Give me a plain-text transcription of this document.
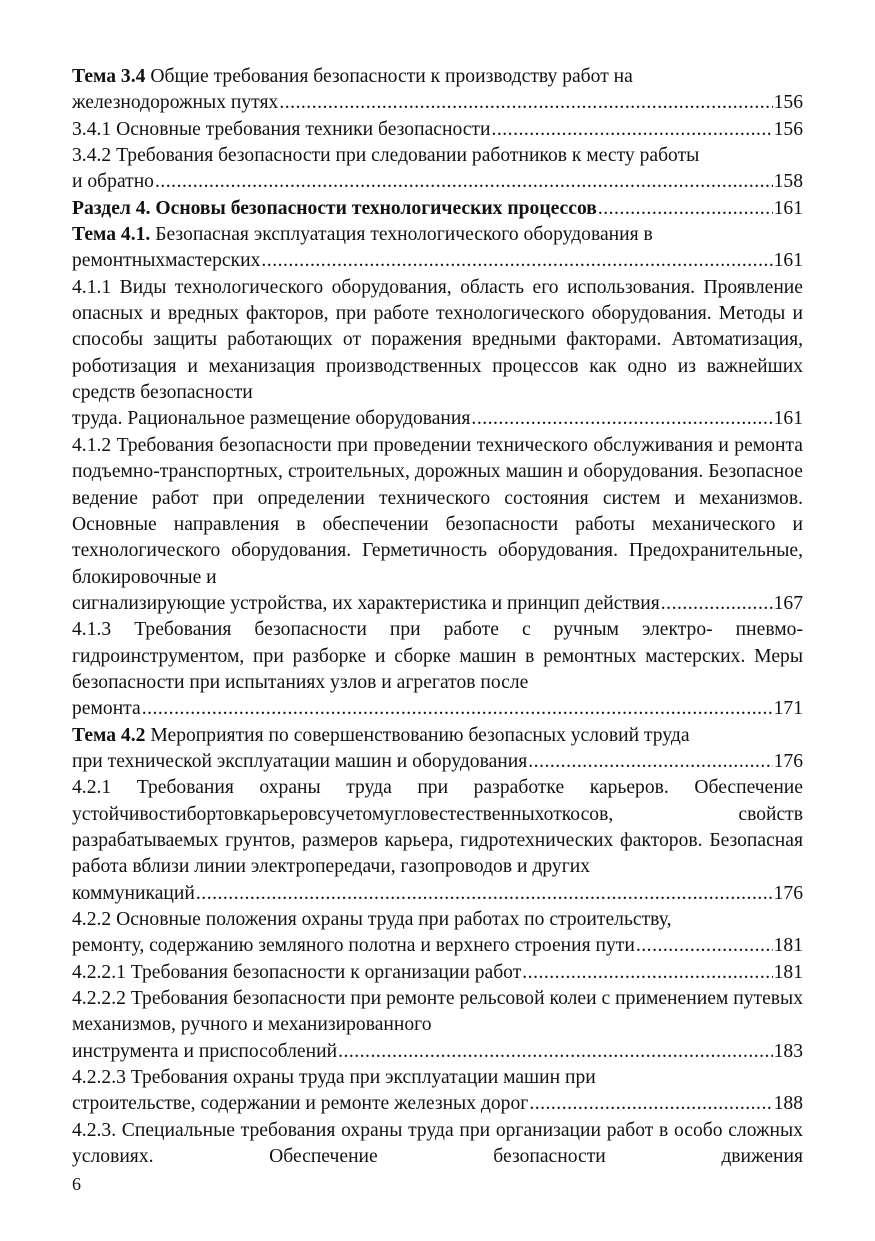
Тема 3.4 Общие требования безопасности к производству работ на
железнодорожных путях .....	156
3.4.1 Основные требования техники безопасности .....	156
3.4.2 Требования безопасности при следовании работников к месту работы
и обратно .....	158
Раздел 4. Основы безопасности технологических процессов .....	161
Тема 4.1. Безопасная эксплуатация технологического оборудования в
ремонтныхмастерских .....	161
4.1.1 Виды технологического оборудования, область его использования. Проявление опасных и вредных факторов, при работе технологического оборудования. Методы и способы защиты работающих от поражения вредными факторами. Автоматизация, роботизация и механизация производственных процессов как одно из важнейших средств безопасности
труда. Рациональное размещение оборудования .....	161
4.1.2 Требования безопасности при проведении технического обслуживания и ремонта подъемно-транспортных, строительных, дорожных машин и оборудования. Безопасное ведение работ при определении технического состояния систем и механизмов. Основные направления в обеспечении безопасности работы механического и технологического оборудования. Герметичность оборудования. Предохранительные, блокировочные и
сигнализирующие устройства, их характеристика и принцип действия .....	167
4.1.3 Требования безопасности при работе с ручным электро- пневмо- гидроинструментом, при разборке и сборке машин в ремонтных мастерских. Меры безопасности при испытаниях узлов и агрегатов после
ремонта .....	171
Тема 4.2 Мероприятия по совершенствованию безопасных условий труда
при технической эксплуатации машин и оборудования .....	176
4.2.1 Требования охраны труда при разработке карьеров. Обеспечение устойчивостибортовкарьеровсучетомугловестественныхоткосов, свойств разрабатываемых грунтов, размеров карьера, гидротехнических факторов. Безопасная работа вблизи линии электропередачи, газопроводов и других
коммуникаций .....	176
4.2.2 Основные положения охраны труда при работах по строительству,
ремонту, содержанию земляного полотна и верхнего строения пути .....	181
4.2.2.1 Требования безопасности к организации работ .....	181
4.2.2.2 Требования безопасности при ремонте рельсовой колеи с применением путевых механизмов, ручного и механизированного
инструмента и приспособлений .....	183
4.2.2.3 Требования охраны труда при эксплуатации машин при
строительстве, содержании и ремонте железных дорог .....	188

4.2.3. Специальные требования охраны труда при организации работ в особо сложных условиях. Обеспечение безопасности движения

6
